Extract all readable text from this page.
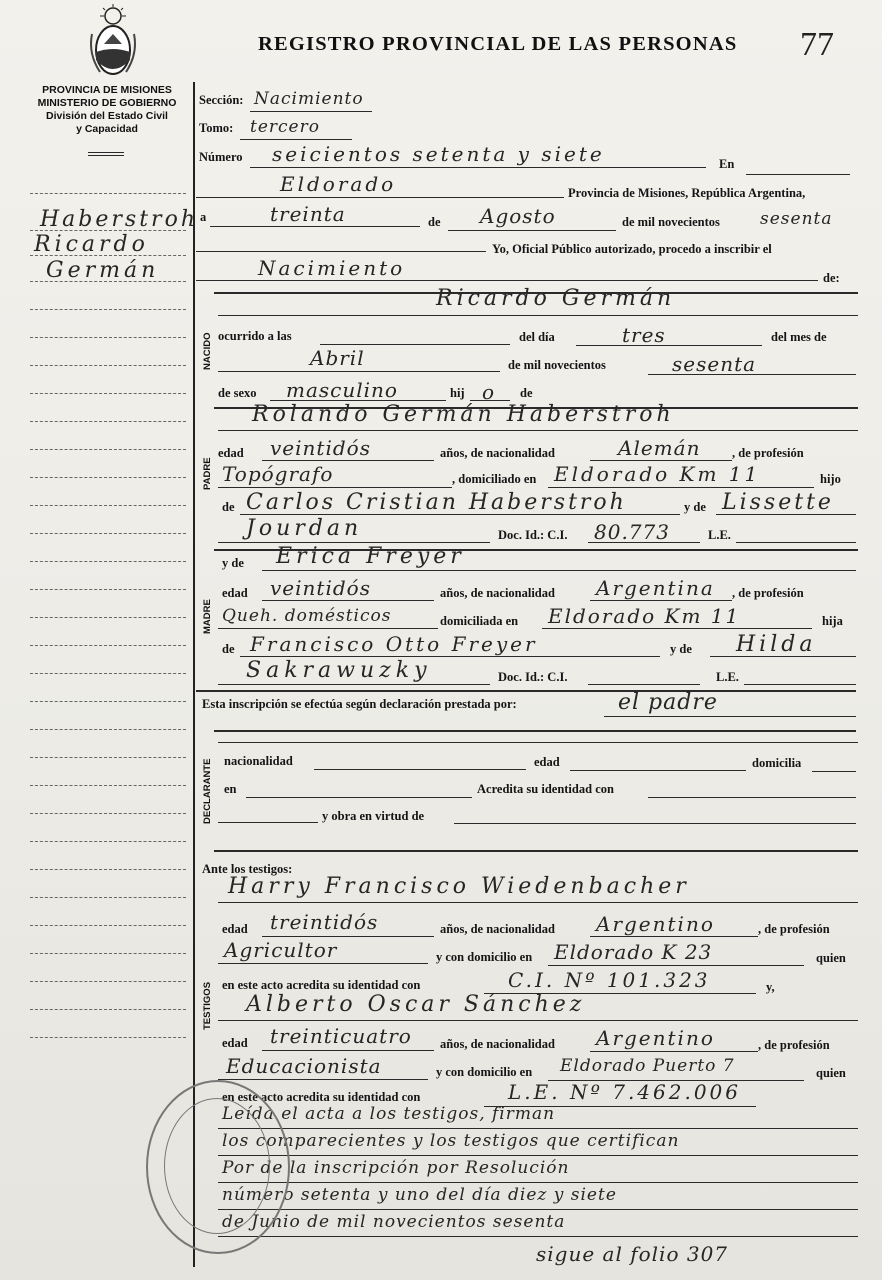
REGISTRO PROVINCIAL DE LAS PERSONAS 77
PROVINCIA DE MISIONES
MINISTERIO DE GOBIERNO
División del Estado Civil
y Capacidad
Haberstroh
Ricardo
Germán
Sección: Nacimiento
Tomo: tercero
Número seicientos setenta y siete	En
Eldorado	Provincia de Misiones, República Argentina,
a	treinta	de Agosto	de mil novecientos sesenta
Yo, Oficial Público autorizado, procedo a inscribir el
Nacimiento	de:
NACIDO
Ricardo Germán
ocurrido a las	del día	tres	del mes de
Abril	de mil novecientos	sesenta
de sexo masculino	hij o de
PADRE
Rolando Germán Haberstroh
edad veintidós	años, de nacionalidad	Alemán	, de profesión
Topógrafo	, domiciliado en Eldorado Km 11	hijo
de Carlos Cristian Haberstroh	y de Lissette
Jourdan	Doc. Id.: C.I. 80.773	L.E.
MADRE
y de Erica Freyer
edad veintidós	años, de nacionalidad Argentina , de profesión
Queh. domésticos	domiciliada en Eldorado Km 11	hija
de Francisco Otto Freyer	y de Hilda
Sakrawuzky	Doc. Id.: C.I.	L.E.
Esta inscripción se efectúa según declaración prestada por:	el padre
DECLARANTE nacionalidad	edad	domicilia
en	Acredita su identidad con
y obra en virtud de
Ante los testigos:
TESTIGOS
Harry Francisco Wiedenbacher
edad treintidós	años, de nacionalidad Argentino	, de profesión
Agricultor	y con domicilio en Eldorado K 23	quien
en este acto acredita su identidad con	C.I. Nº 101.323	y,
Alberto Oscar Sánchez
edad treinticuatro años, de nacionalidad Argentino	, de profesión
Educacionista	y con domicilio en Eldorado Puerto 7	quien
en este acto acredita su identidad con	L.E. Nº 7.462.006
Leída el acta a los testigos, firman
los comparecientes y los testigos que certifican
Por de la inscripción por Resolución
número setenta y uno del día diez y siete
de Junio de mil novecientos sesenta
sigue al folio 307
